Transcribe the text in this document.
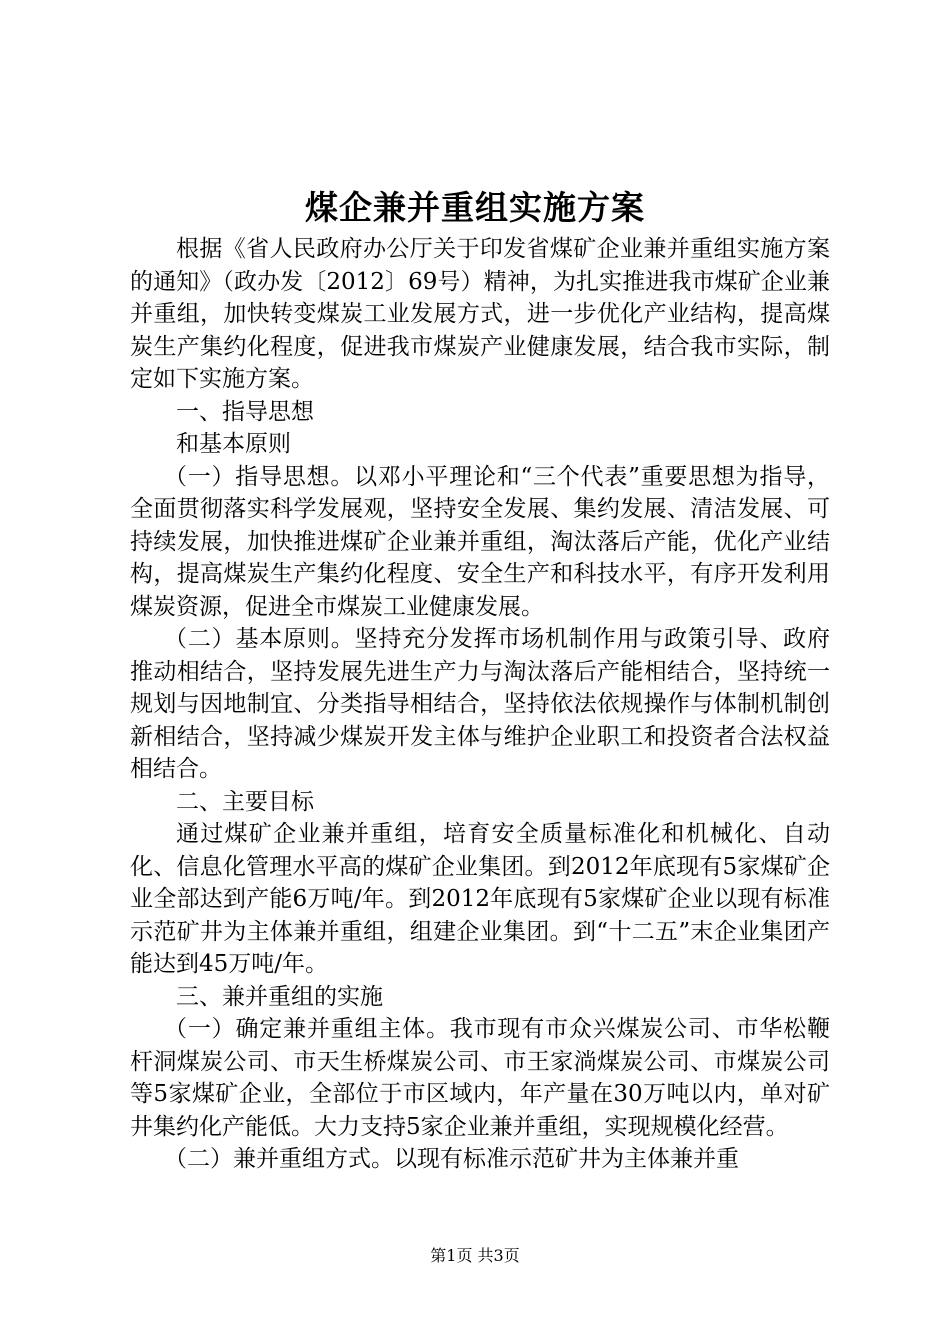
煤企兼并重组实施方案

根据《省人民政府办公厅关于印发省煤矿企业兼并重组实施方案的通知》（政办发〔2012〕69号）精神，为扎实推进我市煤矿企业兼并重组，加快转变煤炭工业发展方式，进一步优化产业结构，提高煤炭生产集约化程度，促进我市煤炭产业健康发展，结合我市实际，制定如下实施方案。

一、指导思想

和基本原则

（一）指导思想。以邓小平理论和“三个代表”重要思想为指导，全面贯彻落实科学发展观，坚持安全发展、集约发展、清洁发展、可持续发展，加快推进煤矿企业兼并重组，淘汰落后产能，优化产业结构，提高煤炭生产集约化程度、安全生产和科技水平，有序开发利用煤炭资源，促进全市煤炭工业健康发展。

（二）基本原则。坚持充分发挥市场机制作用与政策引导、政府推动相结合，坚持发展先进生产力与淘汰落后产能相结合，坚持统一规划与因地制宜、分类指导相结合，坚持依法依规操作与体制机制创新相结合，坚持减少煤炭开发主体与维护企业职工和投资者合法权益相结合。

二、主要目标

通过煤矿企业兼并重组，培育安全质量标准化和机械化、自动化、信息化管理水平高的煤矿企业集团。到2012年底现有5家煤矿企业全部达到产能6万吨/年。到2012年底现有5家煤矿企业以现有标准示范矿井为主体兼并重组，组建企业集团。到“十二五”末企业集团产能达到45万吨/年。

三、兼并重组的实施

（一）确定兼并重组主体。我市现有市众兴煤炭公司、市华松鞭杆洞煤炭公司、市天生桥煤炭公司、市王家淌煤炭公司、市煤炭公司等5家煤矿企业，全部位于市区域内，年产量在30万吨以内，单对矿井集约化产能低。大力支持5家企业兼并重组，实现规模化经营。

（二）兼并重组方式。以现有标准示范矿井为主体兼并重

第1页 共3页
